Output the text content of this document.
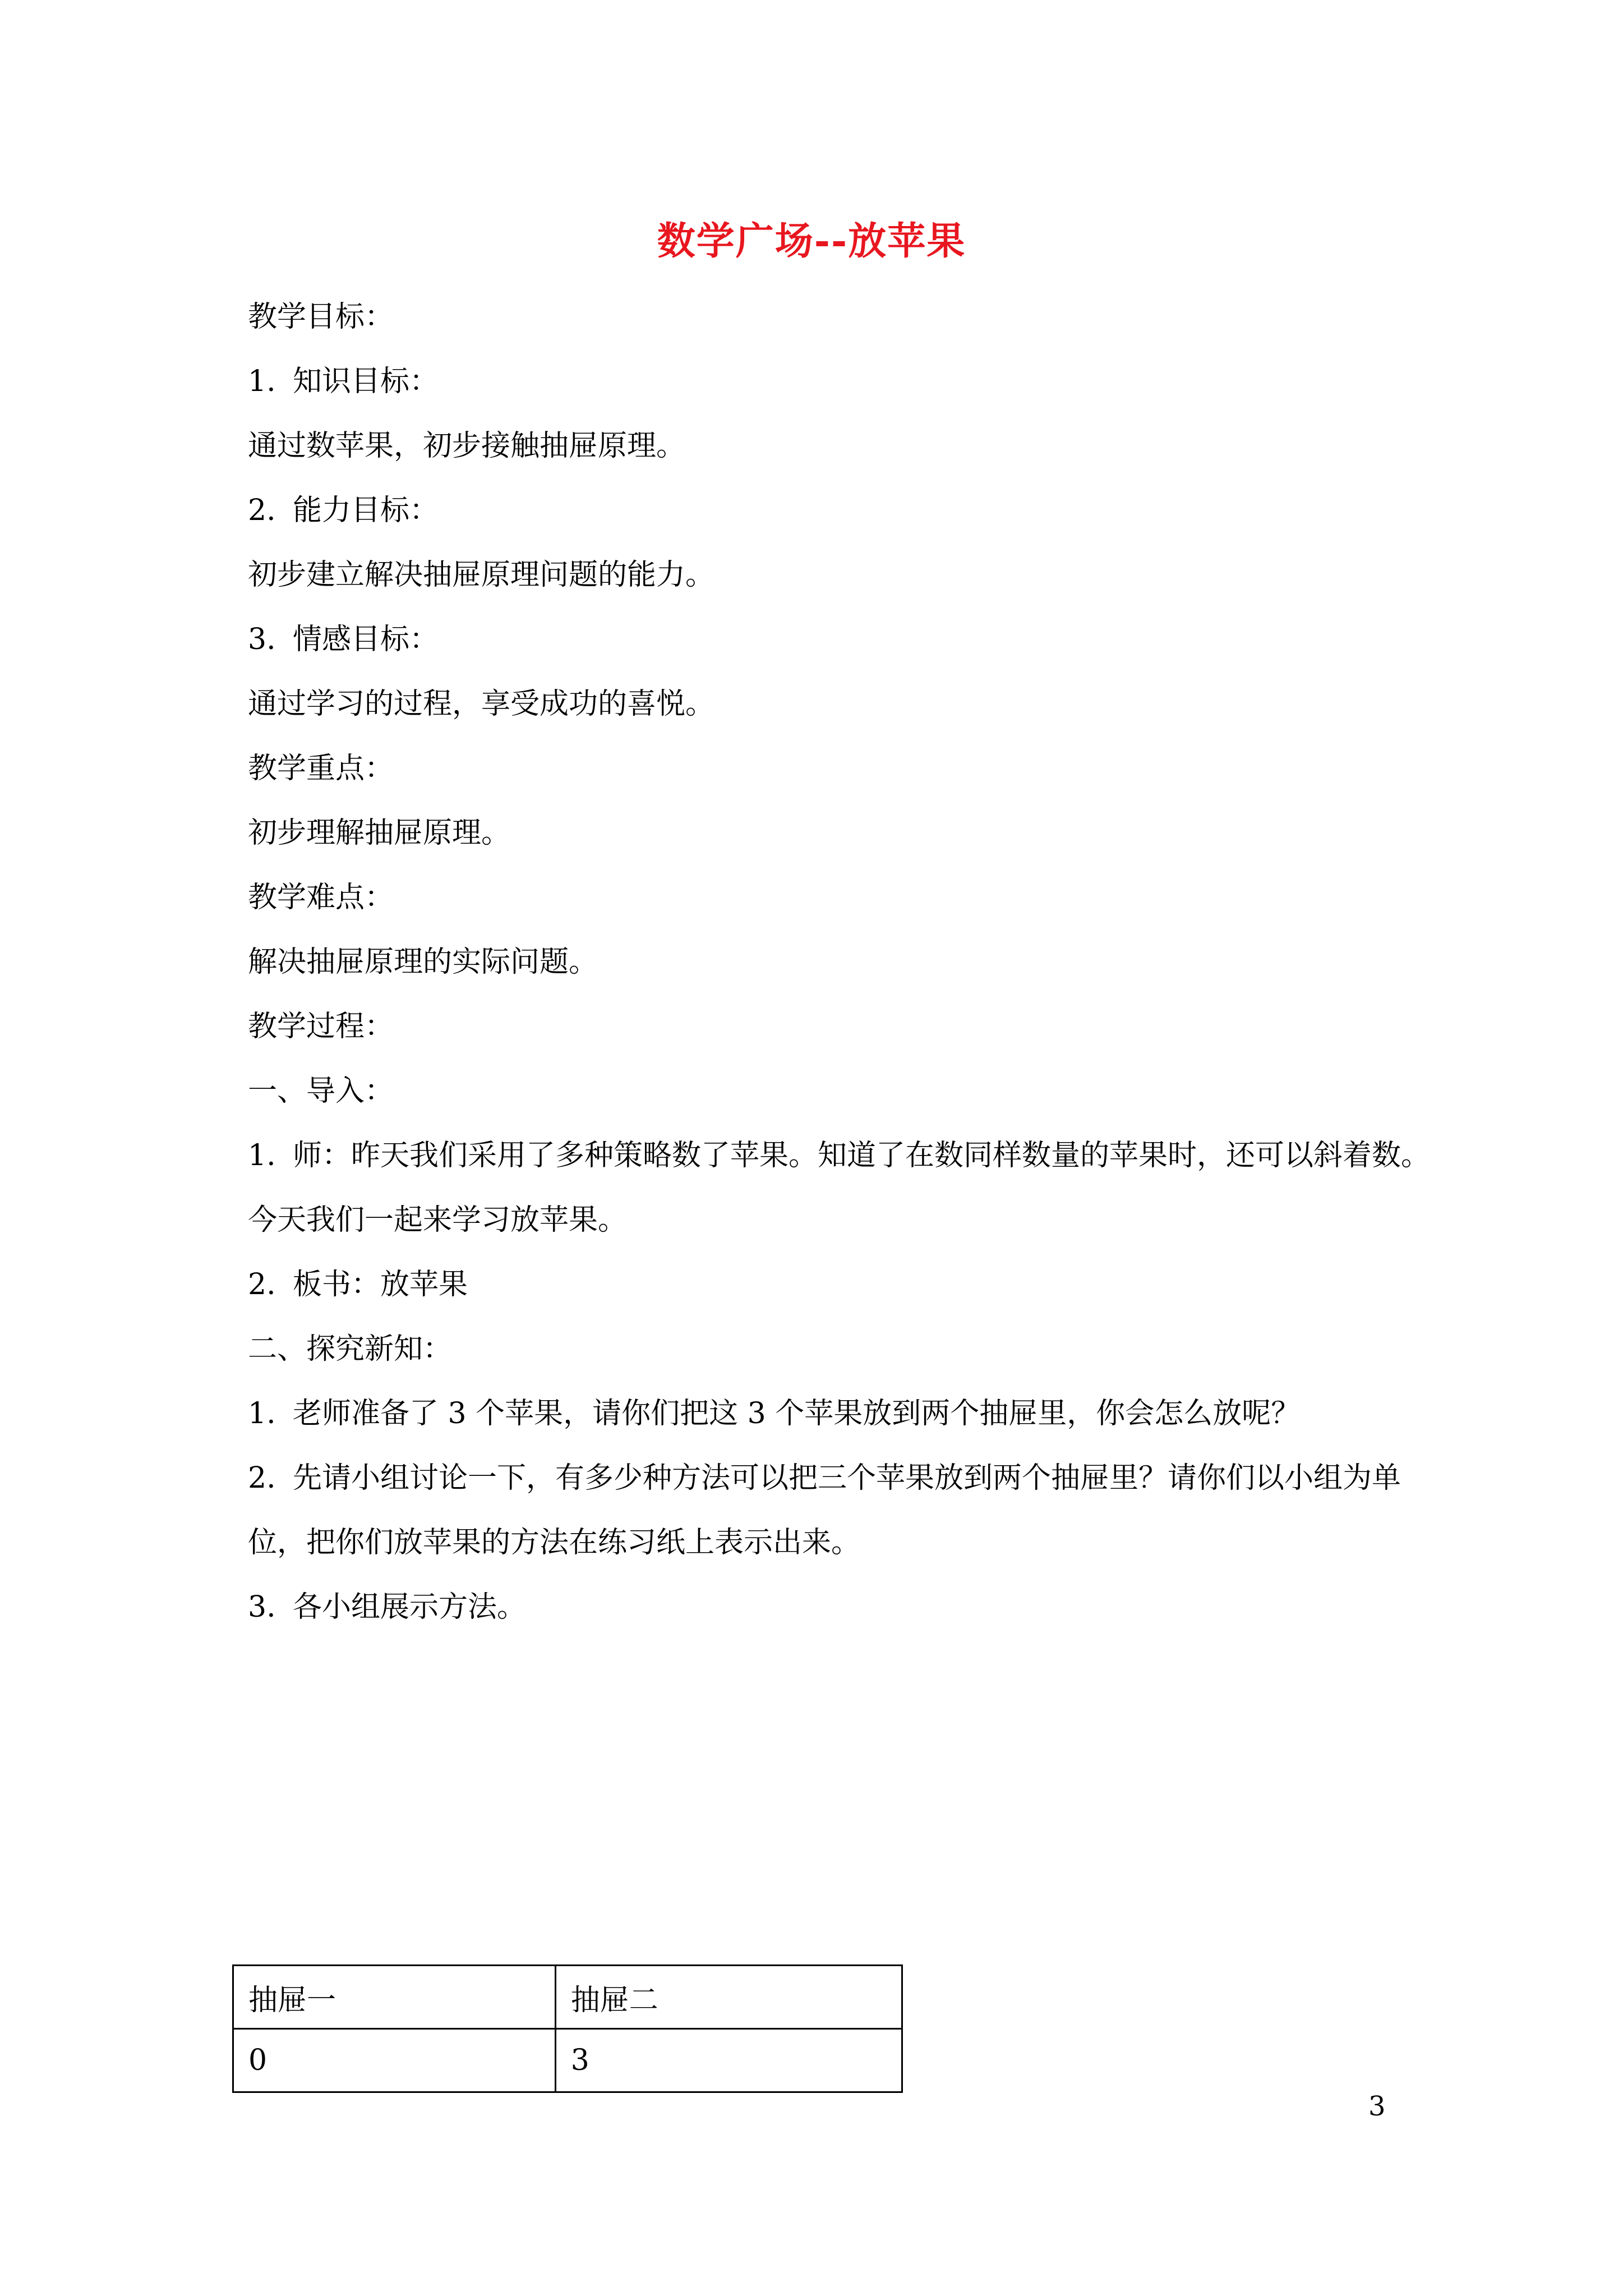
数学广场--放苹果

教学目标：

1. 知识目标：

通过数苹果，初步接触抽屉原理。

2. 能力目标：

初步建立解决抽屉原理问题的能力。

3. 情感目标：

通过学习的过程，享受成功的喜悦。

教学重点：

初步理解抽屉原理。

教学难点：

解决抽屉原理的实际问题。

教学过程：

一、导入：

1. 师：昨天我们采用了多种策略数了苹果。知道了在数同样数量的苹果时，还可以斜着数。

今天我们一起来学习放苹果。

2. 板书：放苹果

二、探究新知：

1. 老师准备了 3 个苹果，请你们把这 3 个苹果放到两个抽屉里，你会怎么放呢？

2. 先请小组讨论一下，有多少种方法可以把三个苹果放到两个抽屉里？请你们以小组为单

位，把你们放苹果的方法在练习纸上表示出来。

3. 各小组展示方法。

抽屉一	抽屉二
0	3
3
